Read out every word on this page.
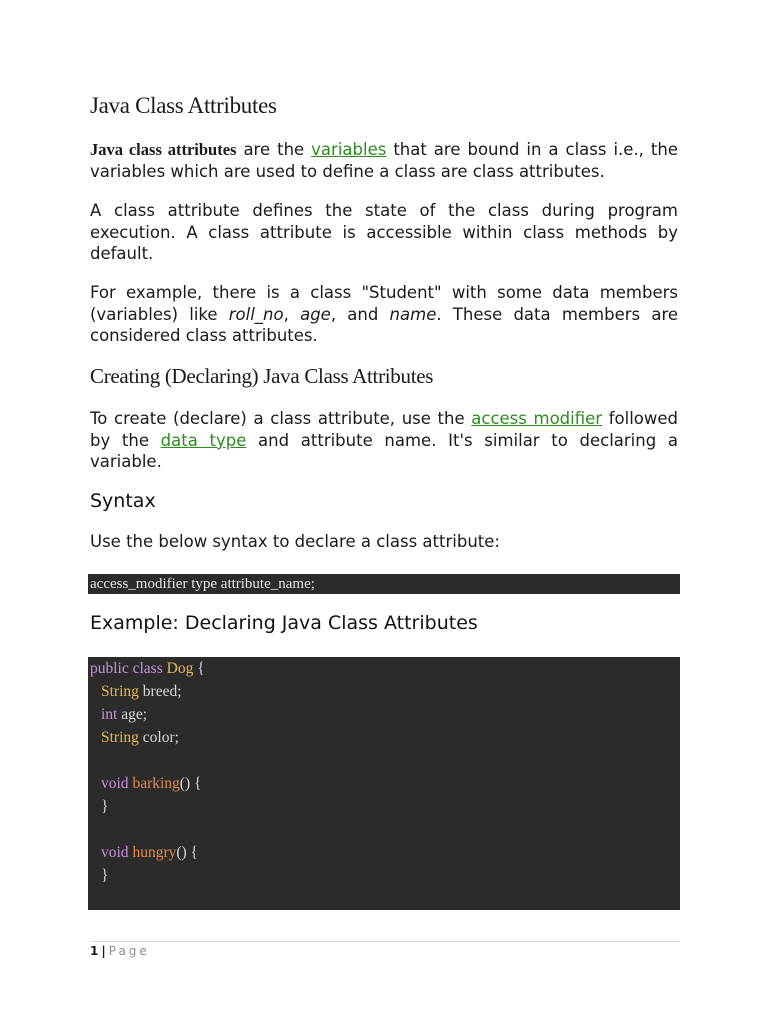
Java Class Attributes

Java class attributes are the variables that are bound in a class i.e., the variables which are used to define a class are class attributes.

A class attribute defines the state of the class during program execution. A class attribute is accessible within class methods by default.

For example, there is a class "Student" with some data members (variables) like roll_no, age, and name. These data members are considered class attributes.

Creating (Declaring) Java Class Attributes

To create (declare) a class attribute, use the access modifier followed by the data type and attribute name. It's similar to declaring a variable.

Syntax

Use the below syntax to declare a class attribute:

access_modifier type attribute_name;
Example: Declaring Java Class Attributes
public class Dog {
String breed;
int age;
String color;
void barking() {
}
void hungry() {
}
1 | Page
